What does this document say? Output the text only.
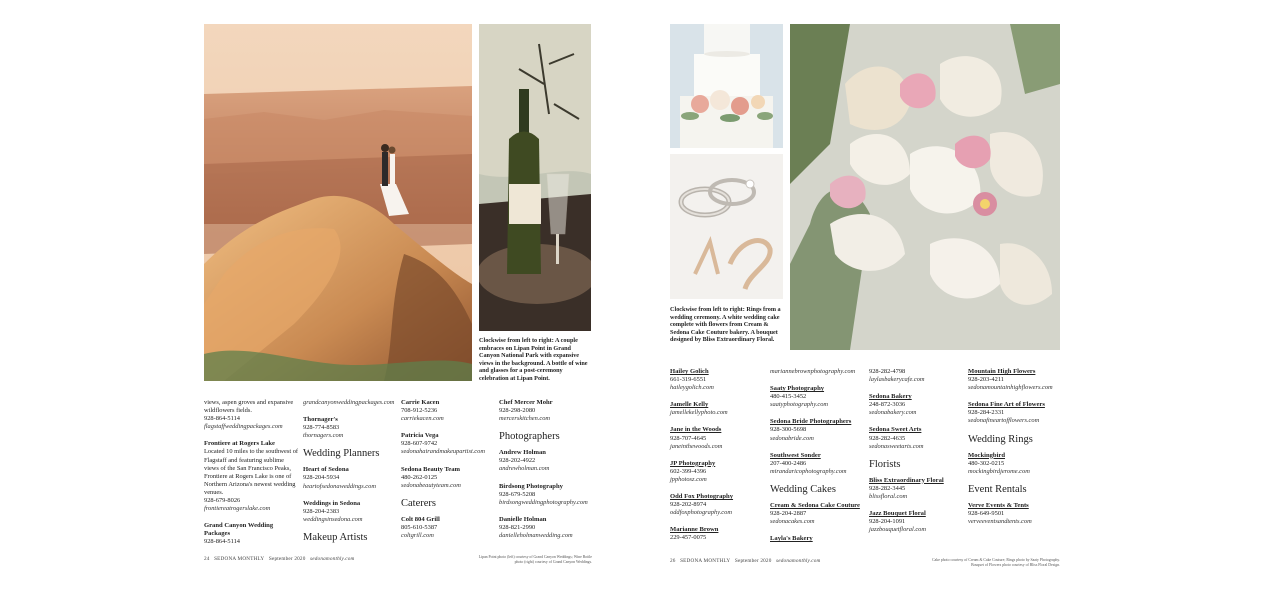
Clockwise from left to right: A couple embraces on Lipan Point in Grand Canyon National Park with expansive views in the background. A bottle of wine and glasses for a post-ceremony celebration at Lipan Point.
views, aspen groves and expansive wildflowers fields.
928-864-5114
flagstaffweddingpackages.com
Frontiere at Rogers Lake
Located 10 miles to the southwest of Flagstaff and featuring sublime views of the San Francisco Peaks, Frontiere at Rogers Lake is one of Northern Arizona's newest wedding venues.
928-679-8026
frontiereatrogerslake.com
Grand Canyon Wedding Packages
928-864-5114
grandcanyonweddingpackages.com
Thornager's
928-774-8583
thornagers.com
Wedding Planners
Heart of Sedona
928-204-5934
heartofsedonaweddings.com
Weddings in Sedona
928-204-2383
weddingsinsedona.com
Makeup Artists
Carrie Kacen
708-912-5236
carriekacen.com
Patricia Vega
928-607-9742
sedonahairandmakeupartist.com
Sedona Beauty Team
480-262-0125
sedonabeautyteam.com
Caterers
Colt 804 Grill
805-610-5387
coltgrill.com
Chef Mercer Mohr
928-298-2080
mercerskitchen.com
Photographers
Andrew Holman
928-202-4922
andrewholman.com
Birdsong Photography
928-679-5208
birdsongweddingphotography.com
Danielle Holman
928-821-2990
danielleholmanwedding.com
24 SEDONA MONTHLY September 2020 sedonamonthly.com	Lipan Point photo (left) courtesy of Grand Canyon Weddings; Wine Bottle photo (right) courtesy of Grand Canyon Weddings.
Clockwise from left to right: Rings from a wedding ceremony. A white wedding cake complete with flowers from Cream & Sedona Cake Couture bakery. A bouquet designed by Bliss Extraordinary Floral.
Hailey Golich
661-319-6551
haileygolich.com
Jamelle Kelly
jamellekellyphoto.com
Jane in the Woods
928-707-4645
janeinthewoods.com
JP Photography
602-399-4396
jpphotosz.com
Odd Fox Photography
928-202-8974
oddfoxphotography.com
Marianne Brown
229-457-0075
mariannebrownphotography.com
Saaty Photography
480-415-3452
saatyphotography.com
Sedona Bride Photographers
928-300-5698
sedonabride.com
Southwest Sonder
207-400-2486
mirandaricophotography.com
Wedding Cakes
Cream & Sedona Cake Couture
928-204-2887
sedonacakes.com
Layla's Bakery
928-282-4798
laylasbakerycafe.com
Sedona Bakery
248-872-3036
sedonabakery.com
Sedona Sweet Arts
928-282-4635
sedonasweetarts.com
Florists
Bliss Extraordinary Floral
928-282-3445
blissfloral.com
Jazz Bouquet Floral
928-204-1091
jazzbouquetfloral.com
Mountain High Flowers
928-203-4211
sedonamountainhighflowers.com
Sedona Fine Art of Flowers
928-284-2331
sedonafineartofflowers.com
Wedding Rings
Mockingbird
480-302-0215
mockingbirdjerome.com
Event Rentals
Verve Events & Tents
928-649-9501
verveeventsandtents.com
26 SEDONA MONTHLY September 2020 sedonamonthly.com	Cake photo courtesy of Cream & Cake Couture; Rings photo by Saaty Photography. Bouquet of Flowers photo courtesy of Bliss Floral Design.
